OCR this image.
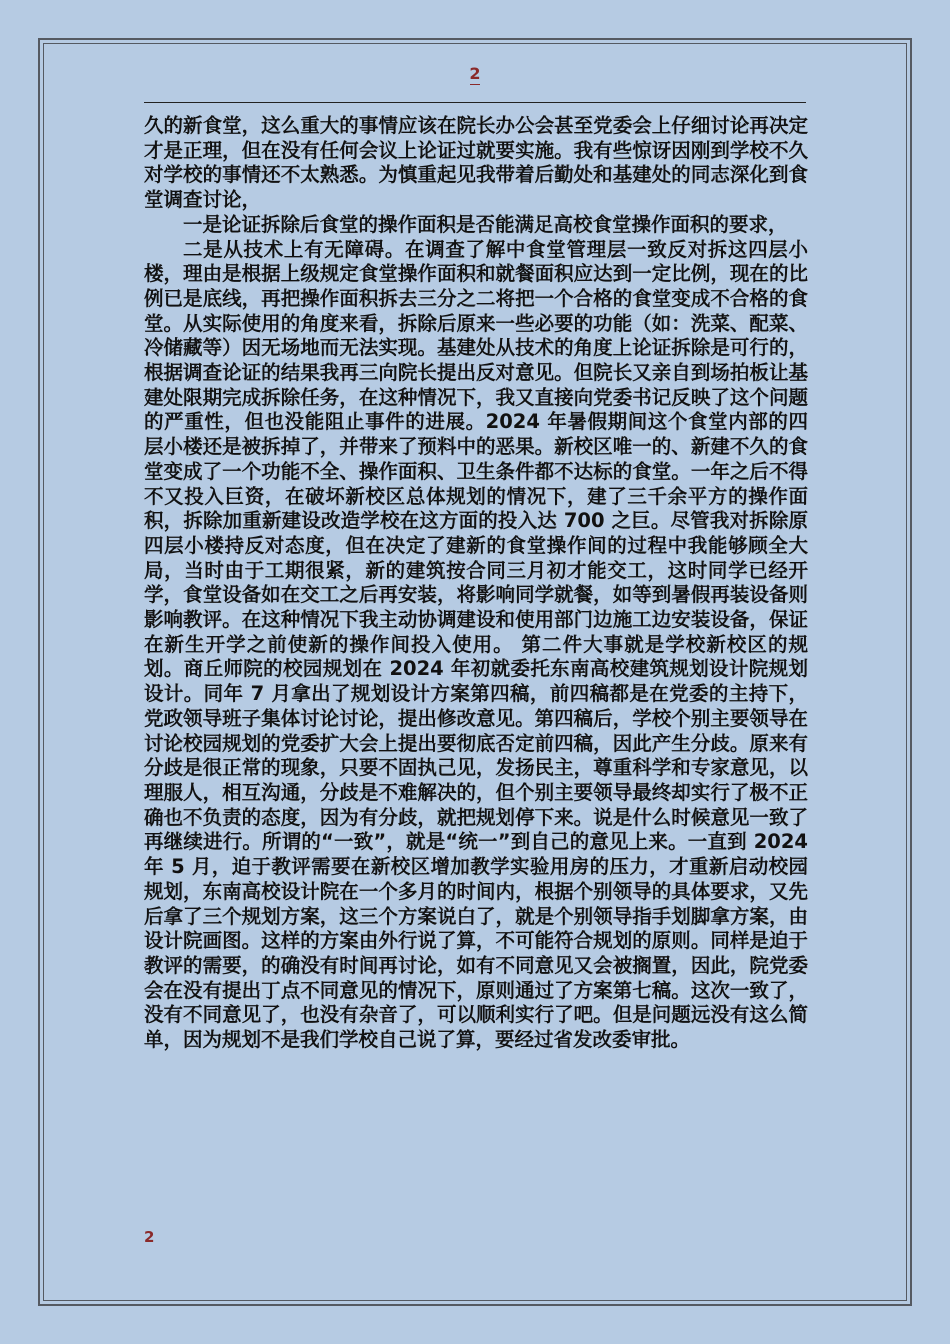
2

久的新食堂，这么重大的事情应该在院长办公会甚至党委会上仔细讨论再决定才是正理，但在没有任何会议上论证过就要实施。我有些惊讶因刚到学校不久对学校的事情还不太熟悉。为慎重起见我带着后勤处和基建处的同志深化到食堂调查讨论，

一是论证拆除后食堂的操作面积是否能满足高校食堂操作面积的要求，

二是从技术上有无障碍。在调查了解中食堂管理层一致反对拆这四层小楼，理由是根据上级规定食堂操作面积和就餐面积应达到一定比例，现在的比例已是底线，再把操作面积拆去三分之二将把一个合格的食堂变成不合格的食堂。从实际使用的角度来看，拆除后原来一些必要的功能（如：洗菜、配菜、冷储藏等）因无场地而无法实现。基建处从技术的角度上论证拆除是可行的，根据调查论证的结果我再三向院长提出反对意见。但院长又亲自到场拍板让基建处限期完成拆除任务，在这种情况下，我又直接向党委书记反映了这个问题的严重性，但也没能阻止事件的进展。2024 年暑假期间这个食堂内部的四层小楼还是被拆掉了，并带来了预料中的恶果。新校区唯一的、新建不久的食堂变成了一个功能不全、操作面积、卫生条件都不达标的食堂。一年之后不得不又投入巨资，在破坏新校区总体规划的情况下，建了三千余平方的操作面积，拆除加重新建设改造学校在这方面的投入达 700 之巨。尽管我对拆除原四层小楼持反对态度，但在决定了建新的食堂操作间的过程中我能够顾全大局，当时由于工期很紧，新的建筑按合同三月初才能交工，这时同学已经开学，食堂设备如在交工之后再安装，将影响同学就餐，如等到暑假再装设备则影响教评。在这种情况下我主动协调建设和使用部门边施工边安装设备，保证在新生开学之前使新的操作间投入使用。 第二件大事就是学校新校区的规划。商丘师院的校园规划在 2024 年初就委托东南高校建筑规划设计院规划设计。同年 7 月拿出了规划设计方案第四稿，前四稿都是在党委的主持下，党政领导班子集体讨论讨论，提出修改意见。第四稿后，学校个别主要领导在讨论校园规划的党委扩大会上提出要彻底否定前四稿，因此产生分歧。原来有分歧是很正常的现象，只要不固执己见，发扬民主，尊重科学和专家意见，以理服人，相互沟通，分歧是不难解决的，但个别主要领导最终却实行了极不正确也不负责的态度，因为有分歧，就把规划停下来。说是什么时候意见一致了再继续进行。所谓的“一致”，就是“统一”到自己的意见上来。一直到 2024 年 5 月，迫于教评需要在新校区增加教学实验用房的压力，才重新启动校园规划，东南高校设计院在一个多月的时间内，根据个别领导的具体要求，又先后拿了三个规划方案，这三个方案说白了，就是个别领导指手划脚拿方案，由设计院画图。这样的方案由外行说了算，不可能符合规划的原则。同样是迫于教评的需要，的确没有时间再讨论，如有不同意见又会被搁置，因此，院党委会在没有提出丁点不同意见的情况下，原则通过了方案第七稿。这次一致了，没有不同意见了，也没有杂音了，可以顺利实行了吧。但是问题远没有这么简单，因为规划不是我们学校自己说了算，要经过省发改委审批。

2
